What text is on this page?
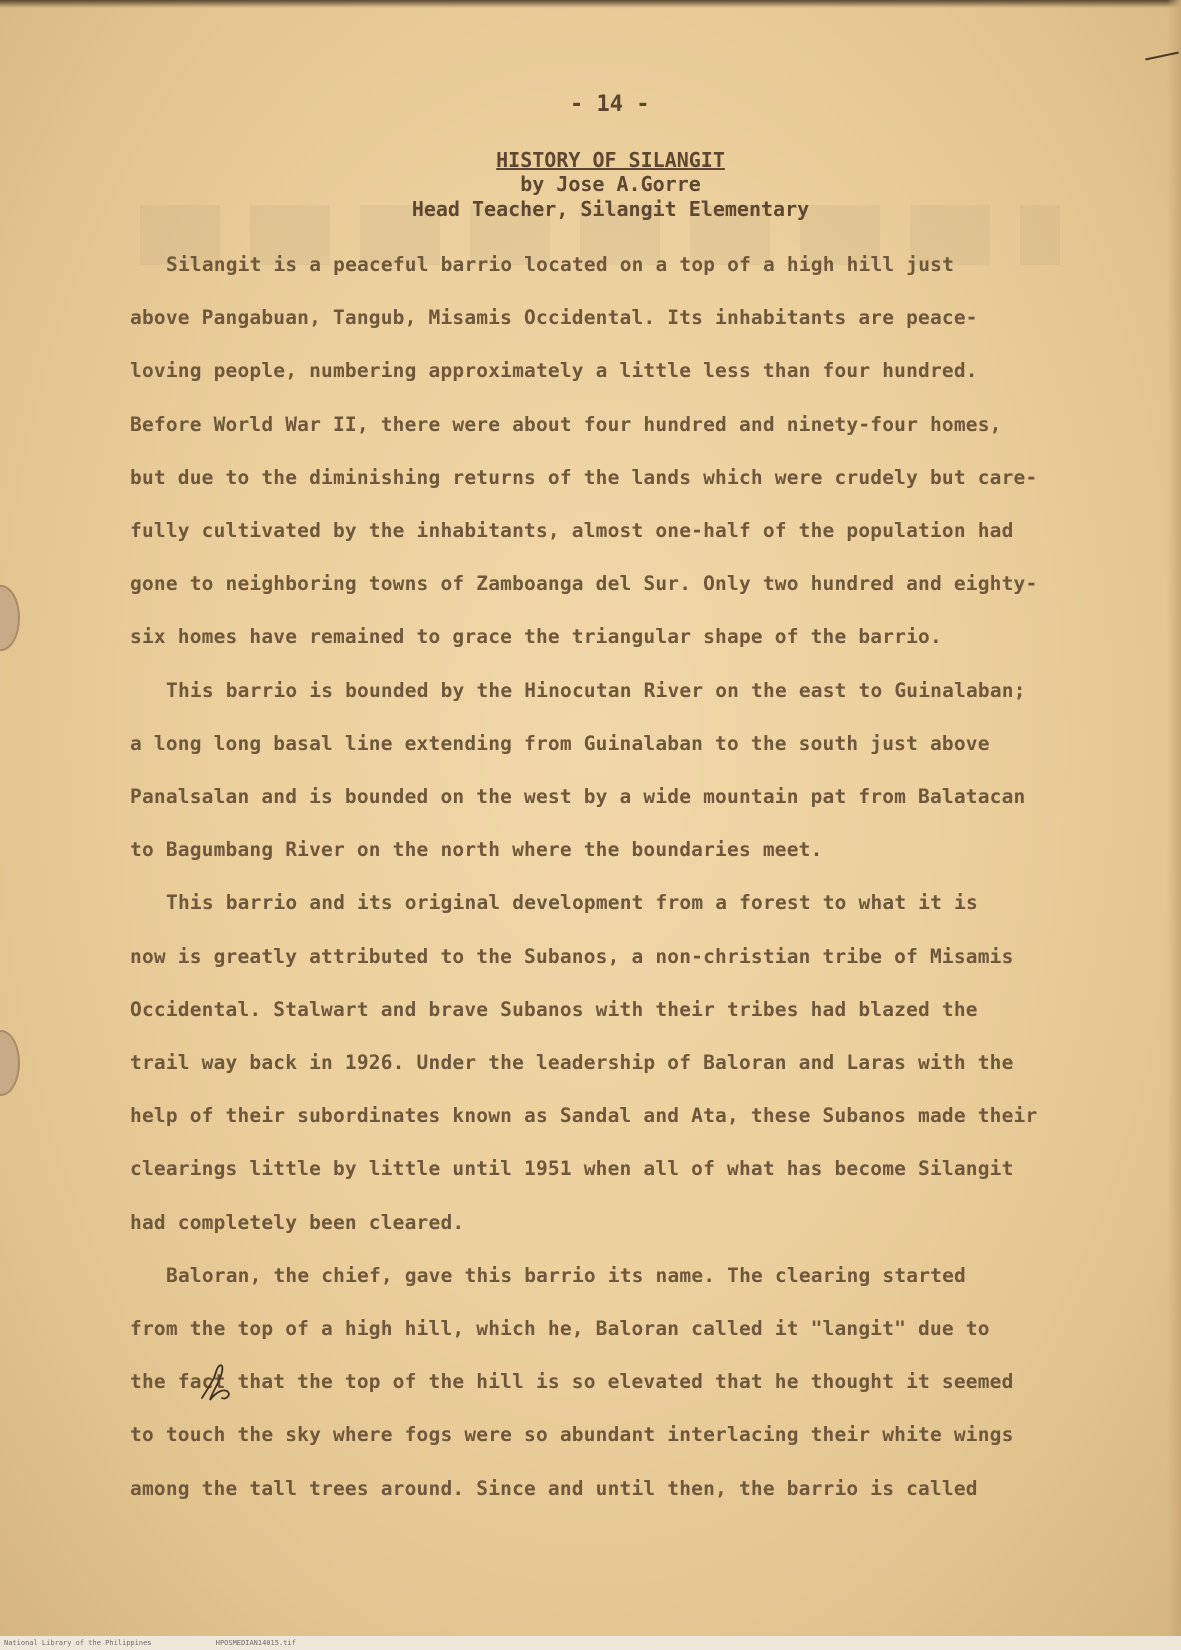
- 14 -
HISTORY OF SILANGIT
by Jose A.Gorre
Head Teacher, Silangit Elementary

Silangit is a peaceful barrio located on a top of a high hill just
above Pangabuan, Tangub, Misamis Occidental. Its inhabitants are peace-
loving people, numbering approximately a little less than four hundred.
Before World War II, there were about four hundred and ninety-four homes,
but due to the diminishing returns of the lands which were crudely but care-
fully cultivated by the inhabitants, almost one-half of the population had
gone to neighboring towns of Zamboanga del Sur. Only two hundred and eighty-
six homes have remained to grace the triangular shape of the barrio.

This barrio is bounded by the Hinocutan River on the east to Guinalaban;
a long long basal line extending from Guinalaban to the south just above
Panalsalan and is bounded on the west by a wide mountain pat from Balatacan
to Bagumbang River on the north where the boundaries meet.

This barrio and its original development from a forest to what it is
now is greatly attributed to the Subanos, a non-christian tribe of Misamis
Occidental. Stalwart and brave Subanos with their tribes had blazed the
trail way back in 1926. Under the leadership of Baloran and Laras with the
help of their subordinates known as Sandal and Ata, these Subanos made their
clearings little by little until 1951 when all of what has become Silangit
had completely been cleared.

Baloran, the chief, gave this barrio its name. The clearing started
from the top of a high hill, which he, Baloran called it "langit" due to
the fact that the top of the hill is so elevated that he thought it seemed
to touch the sky where fogs were so abundant interlacing their white wings
among the tall trees around. Since and until then, the barrio is called

National Library of the Philippines	HPOSMEDIAN14015.tif
